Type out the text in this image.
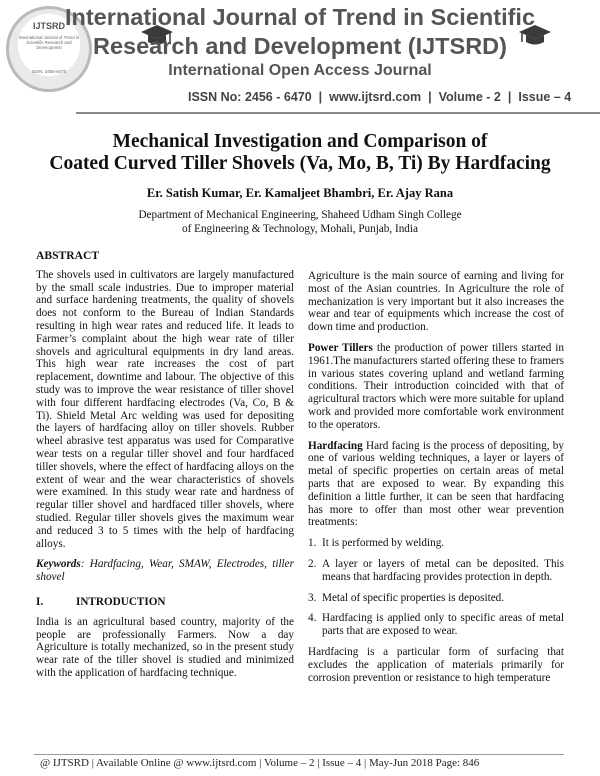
IJTSRD
International Journal of Trend in Scientific Research and Development
ISSN: 2456-6470
International Journal of Trend in Scientific
Research and Development (IJTSRD)
International Open Access Journal
ISSN No: 2456 - 6470 | www.ijtsrd.com | Volume - 2 | Issue – 4
Mechanical Investigation and Comparison of
Coated Curved Tiller Shovels (Va, Mo, B, Ti) By Hardfacing
Er. Satish Kumar, Er. Kamaljeet Bhambri, Er. Ajay Rana
Department of Mechanical Engineering, Shaheed Udham Singh College
of Engineering & Technology, Mohali, Punjab, India
ABSTRACT
The shovels used in cultivators are largely manufactured by the small scale industries. Due to improper material and surface hardening treatments, the quality of shovels does not conform to the Bureau of Indian Standards resulting in high wear rates and reduced life. It leads to Farmer’s complaint about the high wear rate of tiller shovels and agricultural equipments in dry land areas. This high wear rate increases the cost of part replacement, downtime and labour. The objective of this study was to improve the wear resistance of tiller shovel with four different hardfacing electrodes (Va, Co, B & Ti). Shield Metal Arc welding was used for depositing the layers of hardfacing alloy on tiller shovels. Rubber wheel abrasive test apparatus was used for Comparative wear tests on a regular tiller shovel and four hardfaced tiller shovels, where the effect of hardfacing alloys on the extent of wear and the wear characteristics of shovels were examined. In this study wear rate and hardness of regular tiller shovel and hardfaced tiller shovels, where studied. Regular tiller shovels gives the maximum wear and reduced 3 to 5 times with the help of hardfacing alloys.
Keywords: Hardfacing, Wear, SMAW, Electrodes, tiller shovel
I.	INTRODUCTION
India is an agricultural based country, majority of the people are professionally Farmers. Now a day Agriculture is totally mechanized, so in the present study wear rate of the tiller shovel is studied and minimized with the application of hardfacing technique.
Agriculture is the main source of earning and living for most of the Asian countries. In Agriculture the role of mechanization is very important but it also increases the wear and tear of equipments which increase the cost of down time and production.
Power Tillers the production of power tillers started in 1961.The manufacturers started offering these to framers in various states covering upland and wetland farming conditions. Their introduction coincided with that of agricultural tractors which were more suitable for upland work and provided more comfortable work environment to the operators.
Hardfacing Hard facing is the process of depositing, by one of various welding techniques, a layer or layers of metal of specific properties on certain areas of metal parts that are exposed to wear. By expanding this definition a little further, it can be seen that hardfacing has more to offer than most other wear prevention treatments:
1. It is performed by welding.
2. A layer or layers of metal can be deposited. This means that hardfacing provides protection in depth.
3. Metal of specific properties is deposited.
4. Hardfacing is applied only to specific areas of metal parts that are exposed to wear.
Hardfacing is a particular form of surfacing that excludes the application of materials primarily for corrosion prevention or resistance to high temperature
@ IJTSRD | Available Online @ www.ijtsrd.com | Volume – 2 | Issue – 4 | May-Jun 2018 Page: 846
